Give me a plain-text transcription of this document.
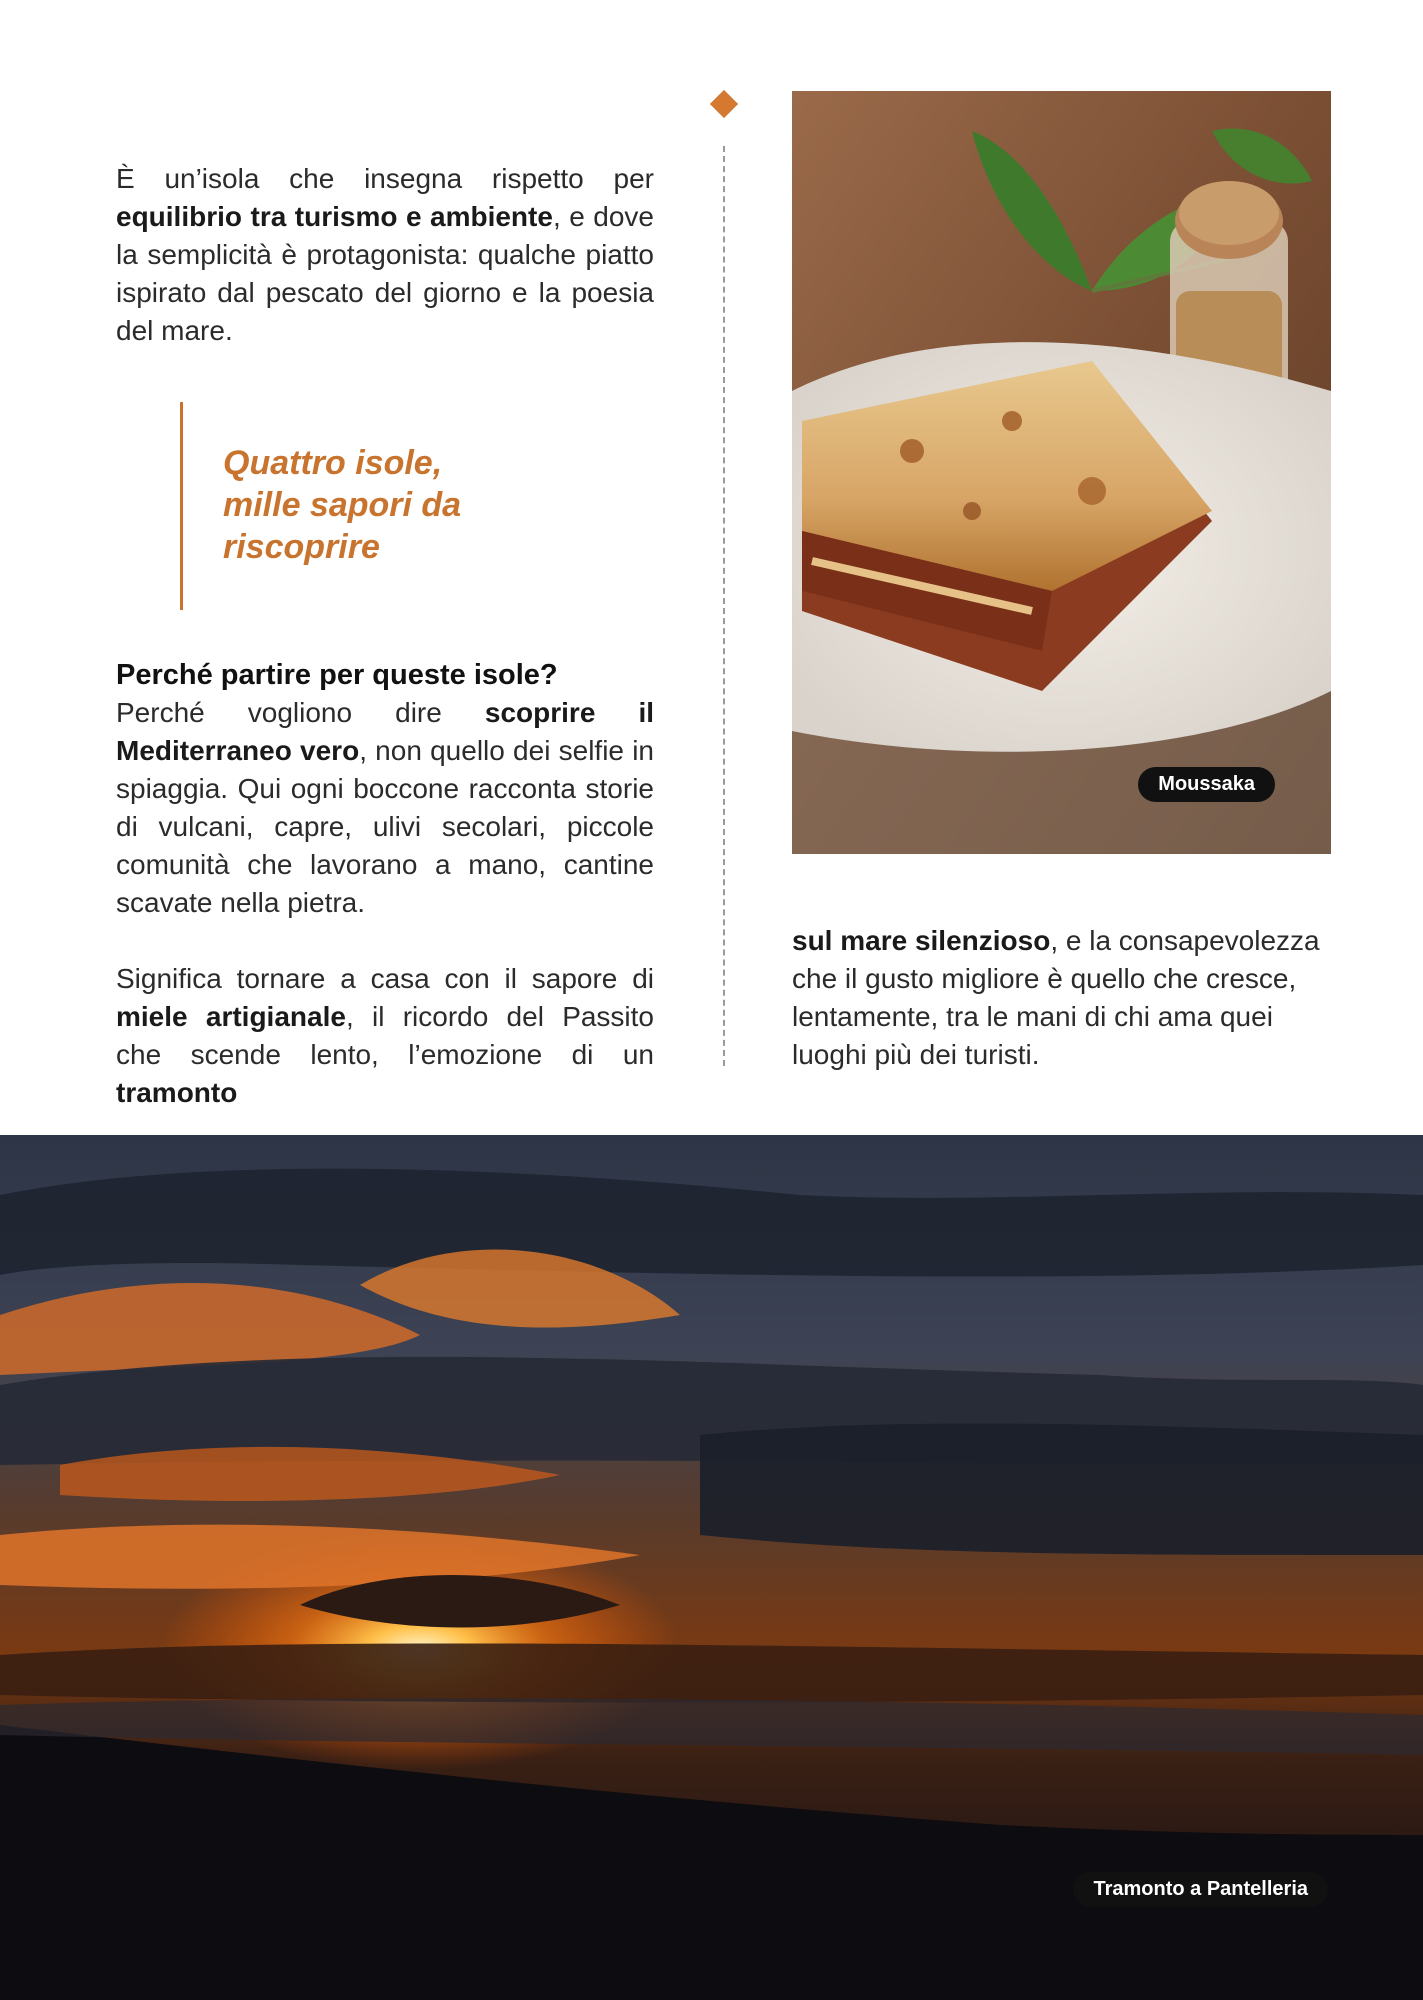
È un’isola che insegna rispetto per equilibrio tra turismo e ambiente, e dove la semplicità è protagonista: qualche piatto ispirato dal pescato del giorno e la poesia del mare.

Quattro isole,
mille sapori da
riscoprire

Perché partire per queste isole?

Perché vogliono dire scoprire il Mediterraneo vero, non quello dei selfie in spiaggia. Qui ogni boccone racconta storie di vulcani, capre, ulivi secolari, piccole comunità che lavorano a mano, cantine scavate nella pietra.

Significa tornare a casa con il sapore di miele artigianale, il ricordo del Passito che scende lento, l’emozione di un tramonto

Moussaka

sul mare silenzioso, e la consapevolezza che il gusto migliore è quello che cresce, lentamente, tra le mani di chi ama quei luoghi più dei turisti.

Tramonto a Pantelleria
